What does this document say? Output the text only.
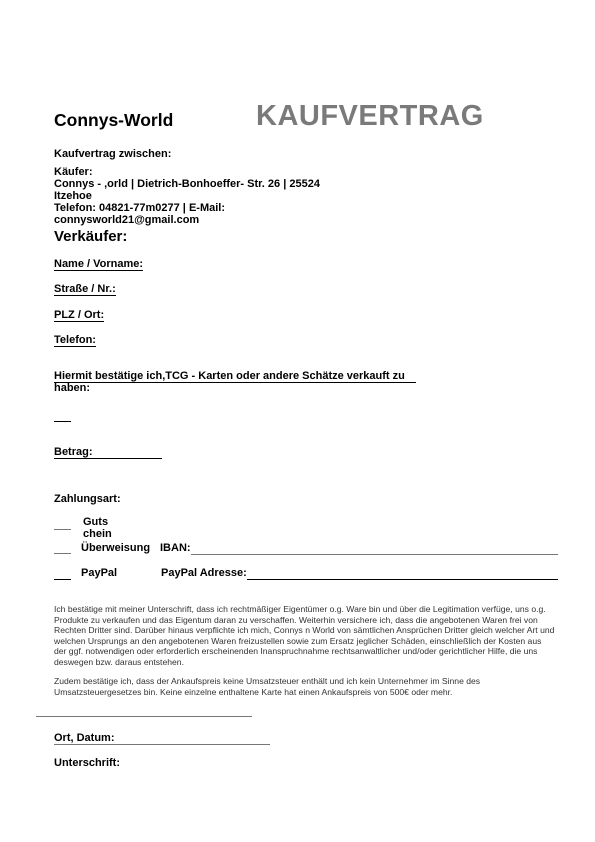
Connys-World	KAUFVERTRAG
Kaufvertrag zwischen:
Käufer:
Connys - ,orld | Dietrich-Bonhoeffer- Str. 26 | 25524
Itzehoe
Telefon: 04821-77m0277 | E-Mail:
connysworld21@gmail.com
Verkäufer:
Name / Vorname:
Straße / Nr.:
PLZ / Ort:
Telefon:
Hiermit bestätige ich,TCG - Karten oder andere Schätze verkauft zu
haben:
Betrag:
Zahlungsart:
Guts
chein
Überweisung IBAN:
PayPal	PayPal Adresse:
Ich bestätige mit meiner Unterschrift, dass ich rechtmäßiger Eigentümer o.g. Ware bin und über die Legitimation verfüge, uns o.g.
Produkte zu verkaufen und das Eigentum daran zu verschaffen. Weiterhin versichere ich, dass die angebotenen Waren frei von
Rechten Dritter sind. Darüber hinaus verpflichte ich mich, Connys n World von sämtlichen Ansprüchen Dritter gleich welcher Art und
welchen Ursprungs an den angebotenen Waren freizustellen sowie zum Ersatz jeglicher Schäden, einschließlich der Kosten aus
der ggf. notwendigen oder erforderlich erscheinenden Inanspruchnahme rechtsanwaltlicher und/oder gerichtlicher Hilfe, die uns
deswegen bzw. daraus entstehen.
Zudem bestätige ich, dass der Ankaufspreis keine Umsatzsteuer enthält und ich kein Unternehmer im Sinne des
Umsatzsteuergesetzes bin. Keine einzelne enthaltene Karte hat einen Ankaufspreis von 500€ oder mehr.
Ort, Datum:
Unterschrift:
